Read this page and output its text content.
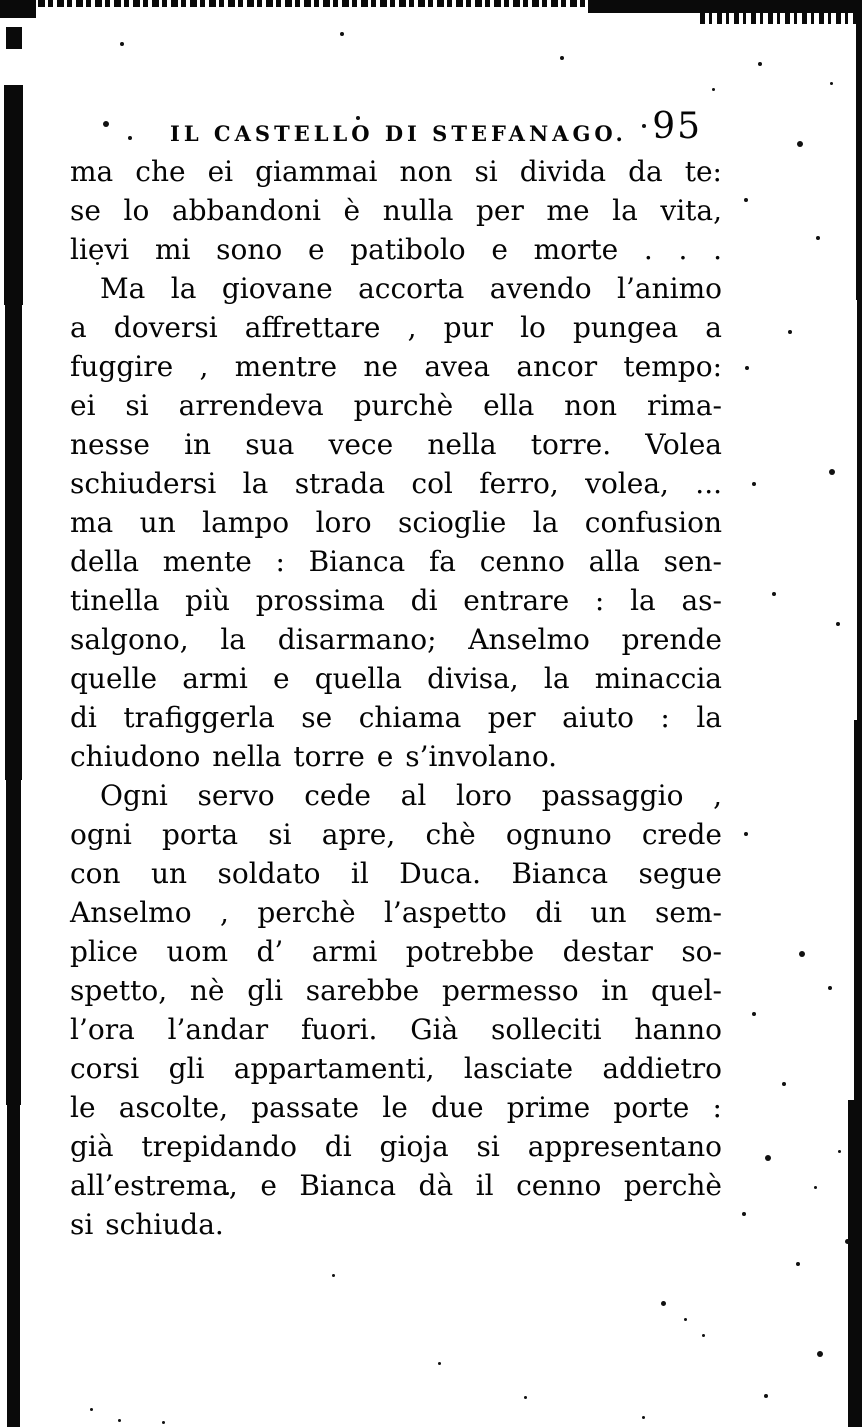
IL CASTELLO DI STEFANAGO. 95
ma che ei giammai non si divida da te:
se lo abbandoni è nulla per me la vita,
lievi mi sono e patibolo e morte . . .
Ma la giovane accorta avendo l’animo
a doversi affrettare , pur lo pungea a
fuggire , mentre ne avea ancor tempo:
ei si arrendeva purchè ella non rima-
nesse in sua vece nella torre. Volea
schiudersi la strada col ferro, volea, ...
ma un lampo loro scioglie la confusion
della mente : Bianca fa cenno alla sen-
tinella più prossima di entrare : la as-
salgono, la disarmano; Anselmo prende
quelle armi e quella divisa, la minaccia
di trafiggerla se chiama per aiuto : la
chiudono nella torre e s’involano.
Ogni servo cede al loro passaggio ,
ogni porta si apre, chè ognuno crede
con un soldato il Duca. Bianca segue
Anselmo , perchè l’aspetto di un sem-
plice uom d’ armi potrebbe destar so-
spetto, nè gli sarebbe permesso in quel-
l’ora l’andar fuori. Già solleciti hanno
corsi gli appartamenti, lasciate addietro
le ascolte, passate le due prime porte :
già trepidando di gioja si appresentano
all’estrema, e Bianca dà il cenno perchè
si schiuda.
